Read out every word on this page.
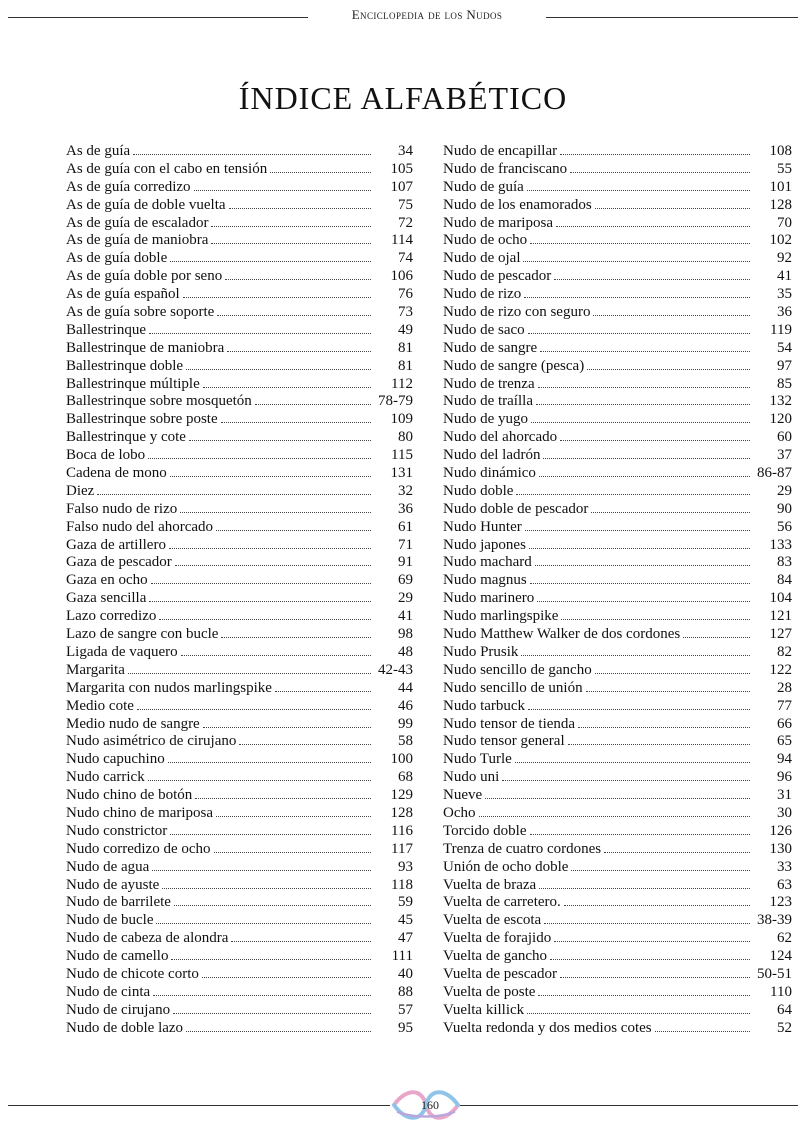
Enciclopedia de los Nudos
ÍNDICE ALFABÉTICO
As de guía	34
As de guía con el cabo en tensión	105
As de guía corredizo	107
As de guía de doble vuelta	75
As de guía de escalador	72
As de guía de maniobra	114
As de guía doble	74
As de guía doble por seno	106
As de guía español	76
As de guía sobre soporte	73
Ballestrinque	49
Ballestrinque de maniobra	81
Ballestrinque doble	81
Ballestrinque múltiple	112
Ballestrinque sobre mosquetón	78-79
Ballestrinque sobre poste	109
Ballestrinque y cote	80
Boca de lobo	115
Cadena de mono	131
Diez	32
Falso nudo de rizo	36
Falso nudo del ahorcado	61
Gaza de artillero	71
Gaza de pescador	91
Gaza en ocho	69
Gaza sencilla	29
Lazo corredizo	41
Lazo de sangre con bucle	98
Ligada de vaquero	48
Margarita	42-43
Margarita con nudos marlingspike	44
Medio cote	46
Medio nudo de sangre	99
Nudo asimétrico de cirujano	58
Nudo capuchino	100
Nudo carrick	68
Nudo chino de botón	129
Nudo chino de mariposa	128
Nudo constrictor	116
Nudo corredizo de ocho	117
Nudo de agua	93
Nudo de ayuste	118
Nudo de barrilete	59
Nudo de bucle	45
Nudo de cabeza de alondra	47
Nudo de camello	111
Nudo de chicote corto	40
Nudo de cinta	88
Nudo de cirujano	57
Nudo de doble lazo	95
Nudo de encapillar	108
Nudo de franciscano	55
Nudo de guía	101
Nudo de los enamorados	128
Nudo de mariposa	70
Nudo de ocho	102
Nudo de ojal	92
Nudo de pescador	41
Nudo de rizo	35
Nudo de rizo con seguro	36
Nudo de saco	119
Nudo de sangre	54
Nudo de sangre (pesca)	97
Nudo de trenza	85
Nudo de traílla	132
Nudo de yugo	120
Nudo del ahorcado	60
Nudo del ladrón	37
Nudo dinámico	86-87
Nudo doble	29
Nudo doble de pescador	90
Nudo Hunter	56
Nudo japones	133
Nudo machard	83
Nudo magnus	84
Nudo marinero	104
Nudo marlingspike	121
Nudo Matthew Walker de dos cordones	127
Nudo Prusik	82
Nudo sencillo de gancho	122
Nudo sencillo de unión	28
Nudo tarbuck	77
Nudo tensor de tienda	66
Nudo tensor general	65
Nudo Turle	94
Nudo uni	96
Nueve	31
Ocho	30
Torcido doble	126
Trenza de cuatro cordones	130
Unión de ocho doble	33
Vuelta de braza	63
Vuelta de carretero.	123
Vuelta de escota	38-39
Vuelta de forajido	62
Vuelta de gancho	124
Vuelta de pescador	50-51
Vuelta de poste	110
Vuelta killick	64
Vuelta redonda y dos medios cotes	52
160
